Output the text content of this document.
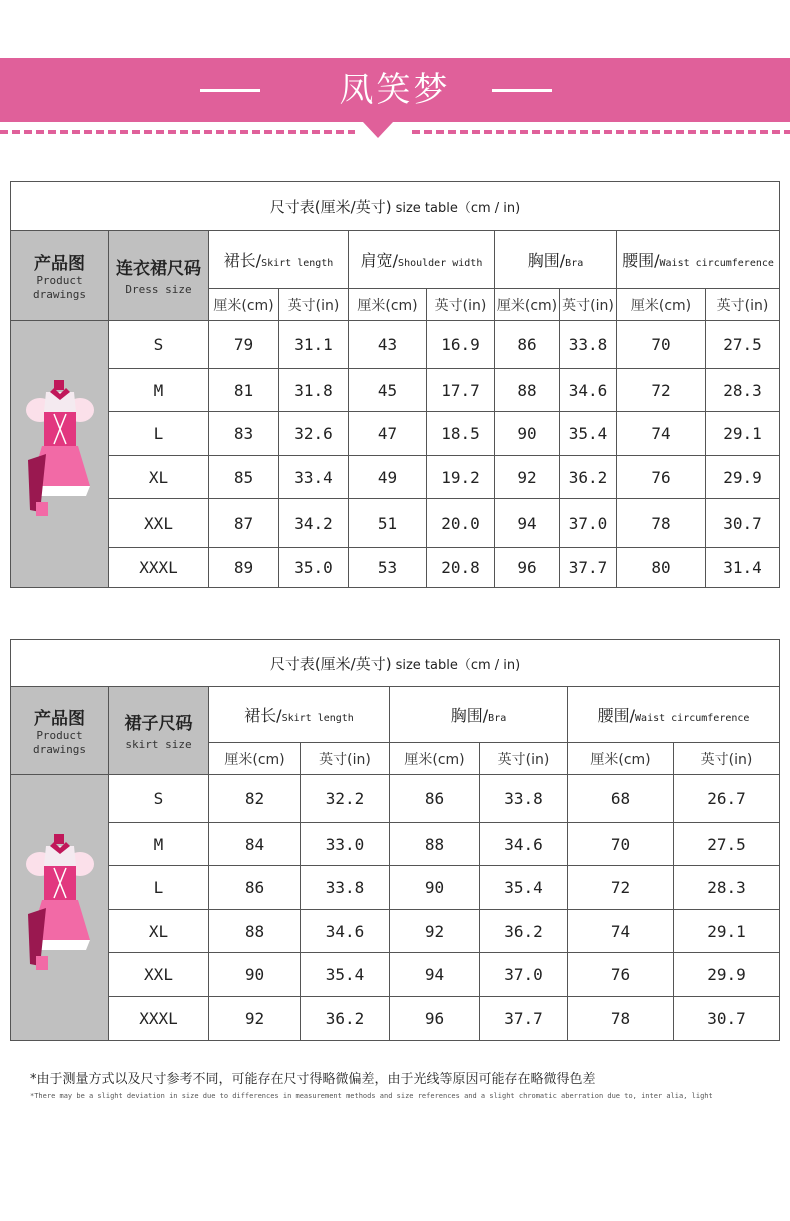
凤笑梦
尺寸表(厘米/英寸) size table（cm / in)									

产品图
Product drawings	连衣裙尺码
Dress size	裙长/Skirt length		肩宽/Shoulder width		胸围/Bra		腰围/Waist circumference	
		厘米(cm)	英寸(in)	厘米(cm)	英寸(in)	厘米(cm)	英寸(in)	厘米(cm)	英寸(in)
	S	79	31.1	43	16.9	86	33.8	70	27.5
	M	81	31.8	45	17.7	88	34.6	72	28.3
	L	83	32.6	47	18.5	90	35.4	74	29.1
	XL	85	33.4	49	19.2	92	36.2	76	29.9
	XXL	87	34.2	51	20.0	94	37.0	78	30.7
	XXXL	89	35.0	53	20.8	96	37.7	80	31.4
尺寸表(厘米/英寸) size table（cm / in)							

产品图
Product drawings	裙子尺码
skirt size	裙长/Skirt length		胸围/Bra		腰围/Waist circumference	
		厘米(cm)	英寸(in)	厘米(cm)	英寸(in)	厘米(cm)	英寸(in)
	S	82	32.2	86	33.8	68	26.7
	M	84	33.0	88	34.6	70	27.5
	L	86	33.8	90	35.4	72	28.3
	XL	88	34.6	92	36.2	74	29.1
	XXL	90	35.4	94	37.0	76	29.9
	XXXL	92	36.2	96	37.7	78	30.7
*由于测量方式以及尺寸参考不同，可能存在尺寸得略微偏差，由于光线等原因可能存在略微得色差
*There may be a slight deviation in size due to differences in measurement methods and size references and a slight chromatic aberration due to, inter alia, light
